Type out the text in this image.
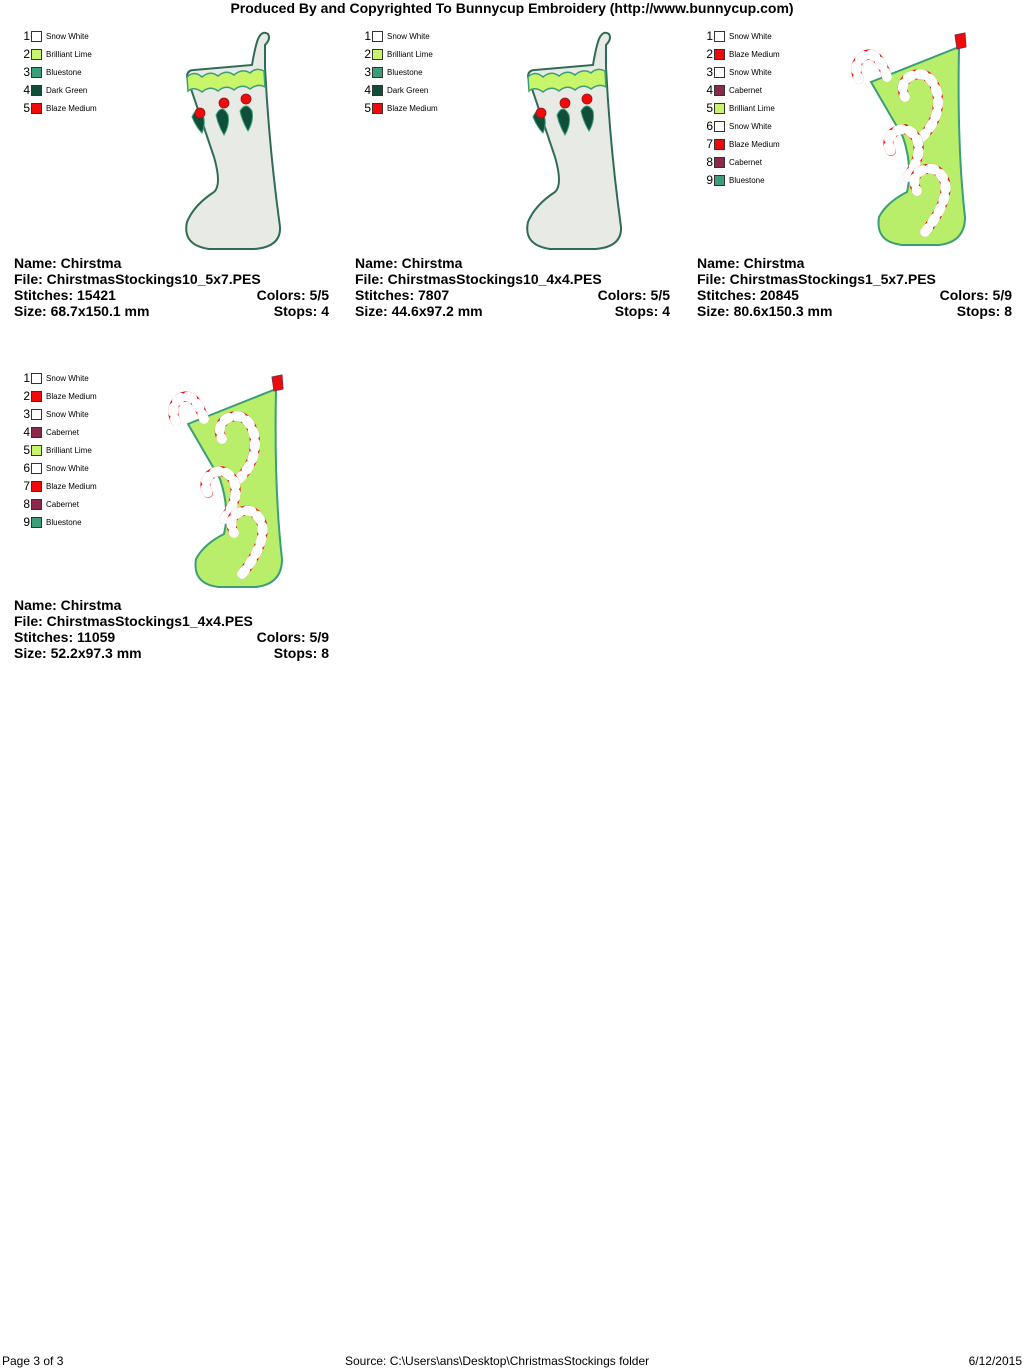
Produced By and Copyrighted To Bunnycup Embroidery (http://www.bunnycup.com)
1 Snow White
2 Brilliant Lime
3 Bluestone
4 Dark Green
5 Blaze Medium
Name: Chirstma
File: ChirstmasStockings10_5x7.PES
Stitches: 15421	Colors: 5/5
Size: 68.7x150.1 mm	Stops: 4
1 Snow White
2 Brilliant Lime
3 Bluestone
4 Dark Green
5 Blaze Medium
Name: Chirstma
File: ChirstmasStockings10_4x4.PES
Stitches: 7807	Colors: 5/5
Size: 44.6x97.2 mm	Stops: 4
1 Snow White
2 Blaze Medium
3 Snow White
4 Cabernet
5 Brilliant Lime
6 Snow White
7 Blaze Medium
8 Cabernet
9 Bluestone
Name: Chirstma
File: ChirstmasStockings1_5x7.PES
Stitches: 20845	Colors: 5/9
Size: 80.6x150.3 mm	Stops: 8
1 Snow White
2 Blaze Medium
3 Snow White
4 Cabernet
5 Brilliant Lime
6 Snow White
7 Blaze Medium
8 Cabernet
9 Bluestone
Name: Chirstma
File: ChirstmasStockings1_4x4.PES
Stitches: 11059	Colors: 5/9
Size: 52.2x97.3 mm	Stops: 8
Page 3 of 3	Source: C:\Users\ans\Desktop\ChristmasStockings folder	6/12/2015
